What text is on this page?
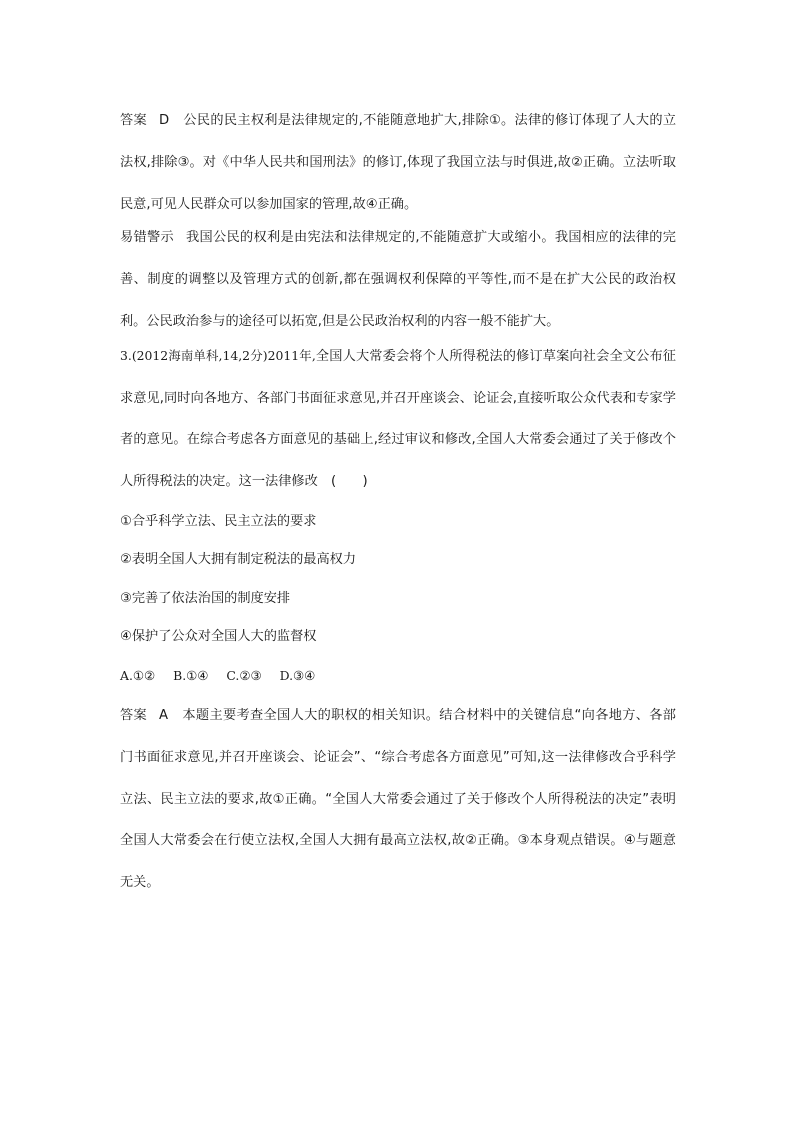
答案 D 公民的民主权利是法律规定的,不能随意地扩大,排除①。法律的修订体现了人大的立法权,排除③。对《中华人民共和国刑法》的修订,体现了我国立法与时俱进,故②正确。立法听取民意,可见人民群众可以参加国家的管理,故④正确。

易错警示 我国公民的权利是由宪法和法律规定的,不能随意扩大或缩小。我国相应的法律的完善、制度的调整以及管理方式的创新,都在强调权利保障的平等性,而不是在扩大公民的政治权利。公民政治参与的途径可以拓宽,但是公民政治权利的内容一般不能扩大。

3.(2012海南单科,14,2分)2011年,全国人大常委会将个人所得税法的修订草案向社会全文公布征求意见,同时向各地方、各部门书面征求意见,并召开座谈会、论证会,直接听取公众代表和专家学者的意见。在综合考虑各方面意见的基础上,经过审议和修改,全国人大常委会通过了关于修改个人所得税法的决定。这一法律修改　(　　)

①合乎科学立法、民主立法的要求

②表明全国人大拥有制定税法的最高权力

③完善了依法治国的制度安排

④保护了公众对全国人大的监督权

A.①② B.①④ C.②③ D.③④

答案 A 本题主要考查全国人大的职权的相关知识。结合材料中的关键信息“向各地方、各部门书面征求意见,并召开座谈会、论证会”、“综合考虑各方面意见”可知,这一法律修改合乎科学立法、民主立法的要求,故①正确。“全国人大常委会通过了关于修改个人所得税法的决定”表明全国人大常委会在行使立法权,全国人大拥有最高立法权,故②正确。③本身观点错误。④与题意无关。
